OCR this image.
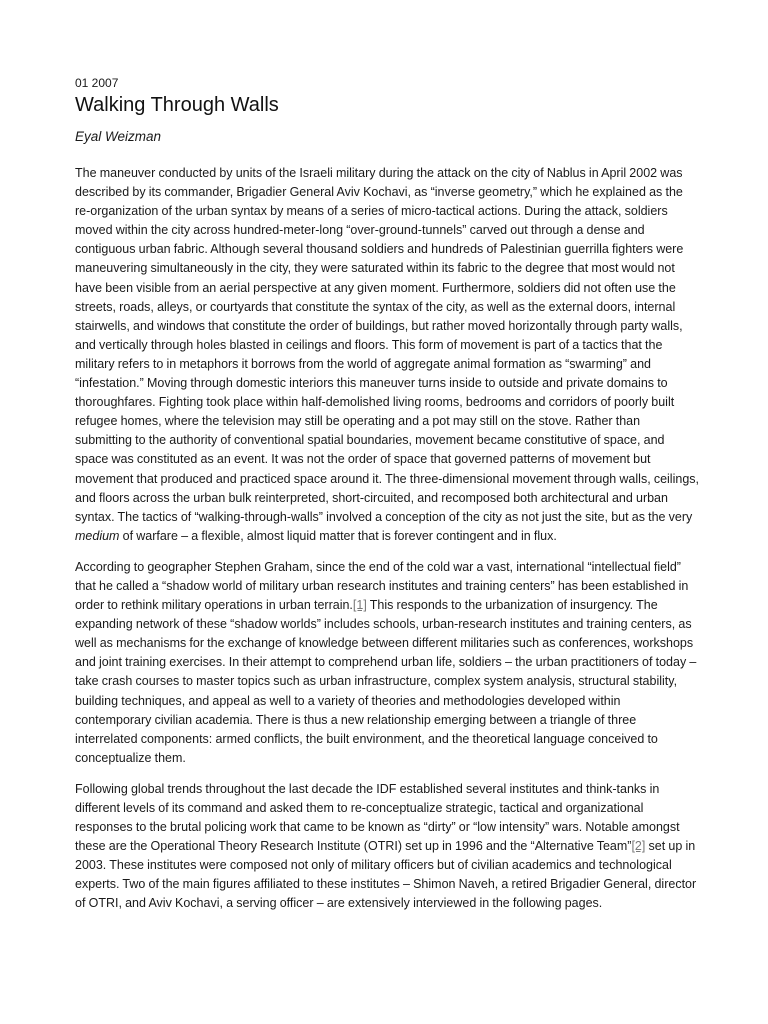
01 2007
Walking Through Walls
Eyal Weizman

The maneuver conducted by units of the Israeli military during the attack on the city of Nablus in April 2002 was described by its commander, Brigadier General Aviv Kochavi, as “inverse geometry,” which he explained as the re-organization of the urban syntax by means of a series of micro-tactical actions. During the attack, soldiers moved within the city across hundred-meter-long “over-ground-tunnels” carved out through a dense and contiguous urban fabric. Although several thousand soldiers and hundreds of Palestinian guerrilla fighters were maneuvering simultaneously in the city, they were saturated within its fabric to the degree that most would not have been visible from an aerial perspective at any given moment. Furthermore, soldiers did not often use the streets, roads, alleys, or courtyards that constitute the syntax of the city, as well as the external doors, internal stairwells, and windows that constitute the order of buildings, but rather moved horizontally through party walls, and vertically through holes blasted in ceilings and floors. This form of movement is part of a tactics that the military refers to in metaphors it borrows from the world of aggregate animal formation as “swarming” and “infestation.” Moving through domestic interiors this maneuver turns inside to outside and private domains to thoroughfares. Fighting took place within half-demolished living rooms, bedrooms and corridors of poorly built refugee homes, where the television may still be operating and a pot may still on the stove. Rather than submitting to the authority of conventional spatial boundaries, movement became constitutive of space, and space was constituted as an event. It was not the order of space that governed patterns of movement but movement that produced and practiced space around it. The three-dimensional movement through walls, ceilings, and floors across the urban bulk reinterpreted, short-circuited, and recomposed both architectural and urban syntax. The tactics of “walking-through-walls” involved a conception of the city as not just the site, but as the very medium of warfare – a flexible, almost liquid matter that is forever contingent and in flux.

According to geographer Stephen Graham, since the end of the cold war a vast, international “intellectual field” that he called a “shadow world of military urban research institutes and training centers” has been established in order to rethink military operations in urban terrain.[1] This responds to the urbanization of insurgency. The expanding network of these “shadow worlds” includes schools, urban-research institutes and training centers, as well as mechanisms for the exchange of knowledge between different militaries such as conferences, workshops and joint training exercises. In their attempt to comprehend urban life, soldiers – the urban practitioners of today – take crash courses to master topics such as urban infrastructure, complex system analysis, structural stability, building techniques, and appeal as well to a variety of theories and methodologies developed within contemporary civilian academia. There is thus a new relationship emerging between a triangle of three interrelated components: armed conflicts, the built environment, and the theoretical language conceived to conceptualize them.

Following global trends throughout the last decade the IDF established several institutes and think-tanks in different levels of its command and asked them to re-conceptualize strategic, tactical and organizational responses to the brutal policing work that came to be known as “dirty” or “low intensity” wars. Notable amongst these are the Operational Theory Research Institute (OTRI) set up in 1996 and the “Alternative Team”[2] set up in 2003. These institutes were composed not only of military officers but of civilian academics and technological experts. Two of the main figures affiliated to these institutes – Shimon Naveh, a retired Brigadier General, director of OTRI, and Aviv Kochavi, a serving officer – are extensively interviewed in the following pages.
